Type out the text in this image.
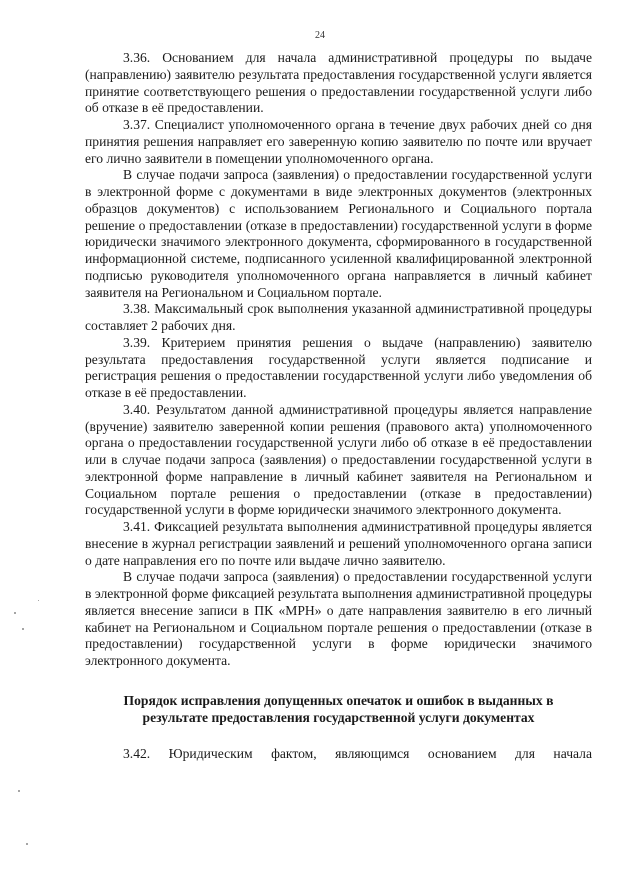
24

3.36. Основанием для начала административной процедуры по выдаче (направлению) заявителю результата предоставления государственной услуги является принятие соответствующего решения о предоставлении государственной услуги либо об отказе в её предоставлении.

3.37. Специалист уполномоченного органа в течение двух рабочих дней со дня принятия решения направляет его заверенную копию заявителю по почте или вручает его лично заявители в помещении уполномоченного органа.

В случае подачи запроса (заявления) о предоставлении государственной услуги в электронной форме с документами в виде электронных документов (электронных образцов документов) с использованием Регионального и Социального портала решение о предоставлении (отказе в предоставлении) государственной услуги в форме юридически значимого электронного документа, сформированного в государственной информационной системе, подписанного усиленной квалифицированной электронной подписью руководителя уполномоченного органа направляется в личный кабинет заявителя на Региональном и Социальном портале.

3.38. Максимальный срок выполнения указанной административной процедуры составляет 2 рабочих дня.

3.39. Критерием принятия решения о выдаче (направлению) заявителю результата предоставления государственной услуги является подписание и регистрация решения о предоставлении государственной услуги либо уведомления об отказе в её предоставлении.

3.40. Результатом данной административной процедуры является направление (вручение) заявителю заверенной копии решения (правового акта) уполномоченного органа о предоставлении государственной услуги либо об отказе в её предоставлении или в случае подачи запроса (заявления) о предоставлении государственной услуги в электронной форме направление в личный кабинет заявителя на Региональном и Социальном портале решения о предоставлении (отказе в предоставлении) государственной услуги в форме юридически значимого электронного документа.

3.41. Фиксацией результата выполнения административной процедуры является внесение в журнал регистрации заявлений и решений уполномоченного органа записи о дате направления его по почте или выдаче лично заявителю.

В случае подачи запроса (заявления) о предоставлении государственной услуги в электронной форме фиксацией результата выполнения административной процедуры является внесение записи в ПК «МРН» о дате направления заявителю в его личный кабинет на Региональном и Социальном портале решения о предоставлении (отказе в предоставлении) государственной услуги в форме юридически значимого электронного документа.

Порядок исправления допущенных опечаток и ошибок в выданных в
результате предоставления государственной услуги документах

3.42. Юридическим фактом, являющимся основанием для начала
